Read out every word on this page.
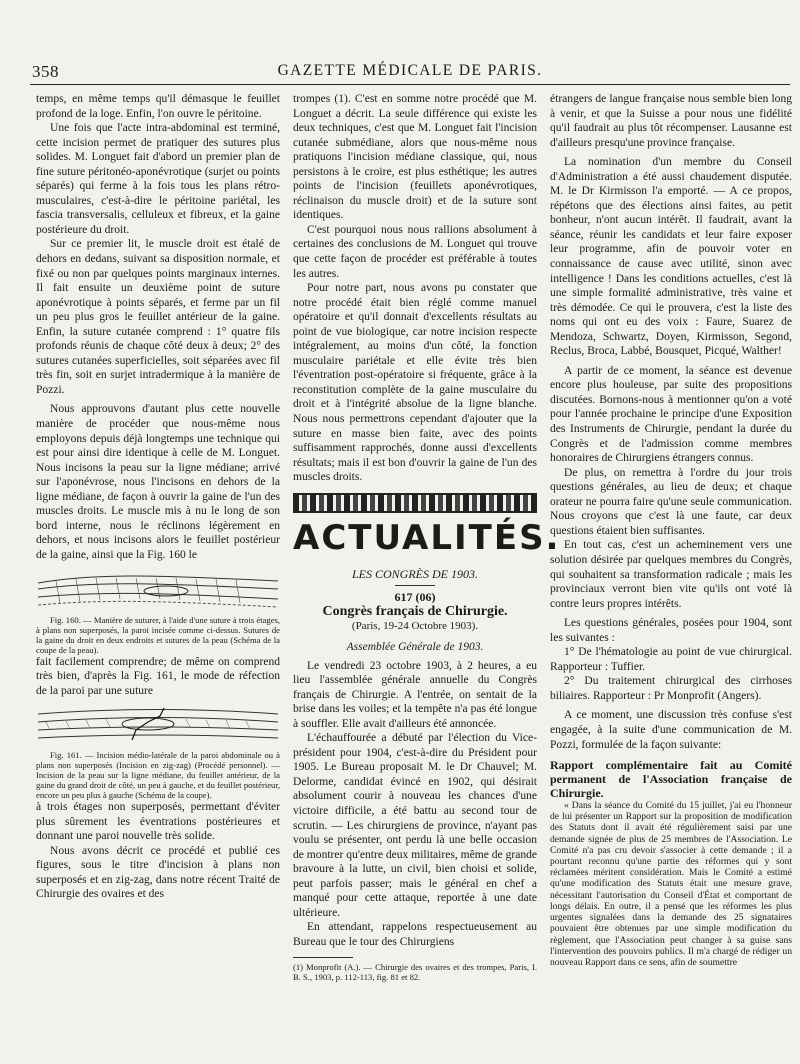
358	GAZETTE MÉDICALE DE PARIS.

temps, en même temps qu'il démasque le feuillet profond de la loge. Enfin, l'on ouvre le péritoine.

Une fois que l'acte intra-abdominal est terminé, cette incision permet de pratiquer des sutures plus solides. M. Longuet fait d'abord un premier plan de fine suture péritonéo-aponévrotique (surjet ou points séparés) qui ferme à la fois tous les plans rétro-musculaires, c'est-à-dire le péritoine pariétal, les fascia transversalis, celluleux et fibreux, et la gaine postérieure du droit.

Sur ce premier lit, le muscle droit est étalé de dehors en dedans, suivant sa disposition normale, et fixé ou non par quelques points marginaux internes. Il fait ensuite un deuxième point de suture aponévrotique à points séparés, et ferme par un fil un peu plus gros le feuillet antérieur de la gaine. Enfin, la suture cutanée comprend : 1° quatre fils profonds réunis de chaque côté deux à deux; 2° des sutures cutanées superficielles, soit séparées avec fil très fin, soit en surjet intradermique à la manière de Pozzi.

Nous approuvons d'autant plus cette nouvelle manière de procéder que nous-même nous employons depuis déjà longtemps une technique qui est pour ainsi dire identique à celle de M. Longuet. Nous incisons la peau sur la ligne médiane; arrivé sur l'aponévrose, nous l'incisons en dehors de la ligne médiane, de façon à ouvrir la gaine de l'un des muscles droits. Le muscle mis à nu le long de son bord interne, nous le réclinons légèrement en dehors, et nous incisons alors le feuillet postérieur de la gaine, ainsi que la Fig. 160 le

Fig. 160. — Manière de suturer, à l'aide d'une suture à trois étages, à plans non superposés, la paroi incisée comme ci-dessus. Sutures de la gaine du droit en deux endroits et sutures de la peau (Schéma de la coupe de la peau).

fait facilement comprendre; de même on comprend très bien, d'après la Fig. 161, le mode de réfection de la paroi par une suture

Fig. 161. — Incision médio-latérale de la paroi abdominale ou à plans non superposés (Incision en zig-zag) (Procédé personnel). — Incision de la peau sur la ligne médiane, du feuillet antérieur, de la gaine du grand droit de côté, un peu à gauche, et du feuillet postérieur, encore un peu plus à gauche (Schéma de la coupe).

à trois étages non superposés, permettant d'éviter plus sûrement les éventrations postérieures et donnant une paroi nouvelle très solide.

Nous avons décrit ce procédé et publié ces figures, sous le titre d'incision à plans non superposés et en zig-zag, dans notre récent Traité de Chirurgie des ovaires et des

trompes (1). C'est en somme notre procédé que M. Longuet a décrit. La seule différence qui existe les deux techniques, c'est que M. Longuet fait l'incision cutanée submédiane, alors que nous-même nous pratiquons l'incision médiane classique, qui, nous persistons à le croire, est plus esthétique; les autres points de l'incision (feuillets aponévrotiques, réclinaison du muscle droit) et de la suture sont identiques.

C'est pourquoi nous nous rallions absolument à certaines des conclusions de M. Longuet qui trouve que cette façon de procéder est préférable à toutes les autres.

Pour notre part, nous avons pu constater que notre procédé était bien réglé comme manuel opératoire et qu'il donnait d'excellents résultats au point de vue biologique, car notre incision respecte intégralement, au moins d'un côté, la fonction musculaire pariétale et elle évite très bien l'éventration post-opératoire si fréquente, grâce à la reconstitution complète de la gaine musculaire du droit et à l'intégrité absolue de la ligne blanche. Nous nous permettrons cependant d'ajouter que la suture en masse bien faite, avec des points suffisamment rapprochés, donne aussi d'excellents résultats; mais il est bon d'ouvrir la gaine de l'un des muscles droits.

ACTUALITÉS.
LES CONGRÈS DE 1903.
617 (06)
Congrès français de Chirurgie.
(Paris, 19-24 Octobre 1903).
Assemblée Générale de 1903.

Le vendredi 23 octobre 1903, à 2 heures, a eu lieu l'assemblée générale annuelle du Congrès français de Chirurgie. A l'entrée, on sentait de la brise dans les voiles; et la tempête n'a pas été longue à souffler. Elle avait d'ailleurs été annoncée.

L'échauffourée a débuté par l'élection du Vice-président pour 1904, c'est-à-dire du Président pour 1905. Le Bureau proposait M. le Dr Chauvel; M. Delorme, candidat évincé en 1902, qui désirait absolument courir à nouveau les chances d'une victoire difficile, a été battu au second tour de scrutin. — Les chirurgiens de province, n'ayant pas voulu se présenter, ont perdu là une belle occasion de montrer qu'entre deux militaires, même de grande bravoure à la lutte, un civil, bien choisi et solide, peut parfois passer; mais le général en chef a manqué pour cette attaque, reportée à une date ultérieure.

En attendant, rappelons respectueusement au Bureau que le tour des Chirurgiens

(1) Monprofit (A.). — Chirurgie des ovaires et des trompes, Paris, I. B. S., 1903, p. 112-113, fig. 81 et 82.

étrangers de langue française nous semble bien long à venir, et que la Suisse a pour nous une fidélité qu'il faudrait au plus tôt récompenser. Lausanne est d'ailleurs presqu'une province française.

La nomination d'un membre du Conseil d'Administration a été aussi chaudement disputée. M. le Dr Kirmisson l'a emporté. — A ce propos, répétons que des élections ainsi faites, au petit bonheur, n'ont aucun intérêt. Il faudrait, avant la séance, réunir les candidats et leur faire exposer leur programme, afin de pouvoir voter en connaissance de cause avec utilité, sinon avec intelligence ! Dans les conditions actuelles, c'est là une simple formalité administrative, très vaine et très démodée. Ce qui le prouvera, c'est la liste des noms qui ont eu des voix : Faure, Suarez de Mendoza, Schwartz, Doyen, Kirmisson, Segond, Reclus, Broca, Labbé, Bousquet, Picqué, Walther!

A partir de ce moment, la séance est devenue encore plus houleuse, par suite des propositions discutées. Bornons-nous à mentionner qu'on a voté pour l'année prochaine le principe d'une Exposition des Instruments de Chirurgie, pendant la durée du Congrès et de l'admission comme membres honoraires de Chirurgiens étrangers connus.

De plus, on remettra à l'ordre du jour trois questions générales, au lieu de deux; et chaque orateur ne pourra faire qu'une seule communication. Nous croyons que c'est là une faute, car deux questions étaient bien suffisantes.

En tout cas, c'est un acheminement vers une solution désirée par quelques membres du Congrès, qui souhaitent sa transformation radicale ; mais les provinciaux verront bien vite qu'ils ont voté là contre leurs propres intérêts.

Les questions générales, posées pour 1904, sont les suivantes :

1° De l'hématologie au point de vue chirurgical. Rapporteur : Tuffier.

2° Du traitement chirurgical des cirrhoses biliaires. Rapporteur : Pr Monprofit (Angers).

A ce moment, une discussion très confuse s'est engagée, à la suite d'une communication de M. Pozzi, formulée de la façon suivante:

Rapport complémentaire fait au Comité permanent de l'Association française de Chirurgie.

« Dans la séance du Comité du 15 juillet, j'ai eu l'honneur de lui présenter un Rapport sur la proposition de modification des Statuts dont il avait été régulièrement saisi par une demande signée de plus de 25 membres de l'Association. Le Comité n'a pas cru devoir s'associer à cette demande ; il a pourtant reconnu qu'une partie des réformes qui y sont réclamées méritent considération. Mais le Comité a estimé qu'une modification des Statuts était une mesure grave, nécessitant l'autorisation du Conseil d'État et comportant de longs délais. En outre, il a pensé que les réformes les plus urgentes signalées dans la demande des 25 signataires pouvaient être obtenues par une simple modification du règlement, que l'Association peut changer à sa guise sans l'intervention des pouvoirs publics. Il m'a chargé de rédiger un nouveau Rapport dans ce sens, afin de soumettre
